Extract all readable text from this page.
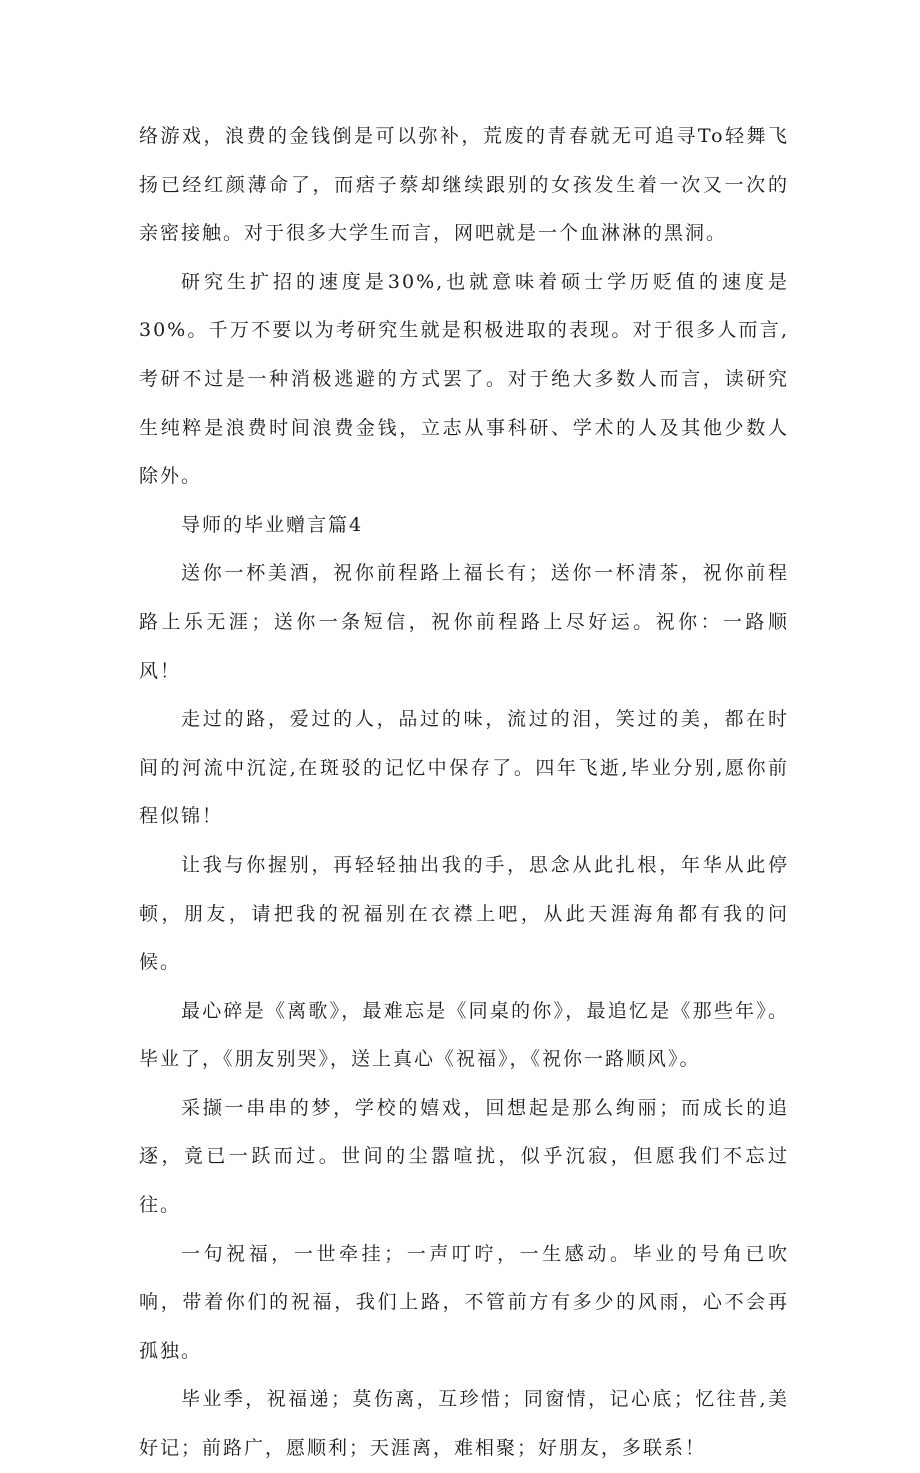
络游戏，浪费的金钱倒是可以弥补，荒废的青春就无可追寻To轻舞飞扬已经红颜薄命了，而痞子蔡却继续跟别的女孩发生着一次又一次的亲密接触。对于很多大学生而言，网吧就是一个血淋淋的黑洞。

研究生扩招的速度是30%,也就意味着硕士学历贬值的速度是30%。千万不要以为考研究生就是积极进取的表现。对于很多人而言,考研不过是一种消极逃避的方式罢了。对于绝大多数人而言，读研究生纯粹是浪费时间浪费金钱，立志从事科研、学术的人及其他少数人除外。

导师的毕业赠言篇4

送你一杯美酒，祝你前程路上福长有；送你一杯清茶，祝你前程路上乐无涯；送你一条短信，祝你前程路上尽好运。祝你：一路顺风！

走过的路，爱过的人，品过的味，流过的泪，笑过的美，都在时间的河流中沉淀,在斑驳的记忆中保存了。四年飞逝,毕业分别,愿你前程似锦！

让我与你握别，再轻轻抽出我的手，思念从此扎根，年华从此停顿，朋友，请把我的祝福别在衣襟上吧，从此天涯海角都有我的问候。

最心碎是《离歌》，最难忘是《同桌的你》，最追忆是《那些年》。毕业了，《朋友别哭》，送上真心《祝福》，《祝你一路顺风》。

采撷一串串的梦，学校的嬉戏，回想起是那么绚丽；而成长的追逐，竟已一跃而过。世间的尘嚣喧扰，似乎沉寂，但愿我们不忘过往。

一句祝福，一世牵挂；一声叮咛，一生感动。毕业的号角已吹响，带着你们的祝福，我们上路，不管前方有多少的风雨，心不会再孤独。

毕业季，祝福递；莫伤离，互珍惜；同窗情，记心底；忆往昔,美好记；前路广，愿顺利；天涯离，难相聚；好朋友，多联系！
